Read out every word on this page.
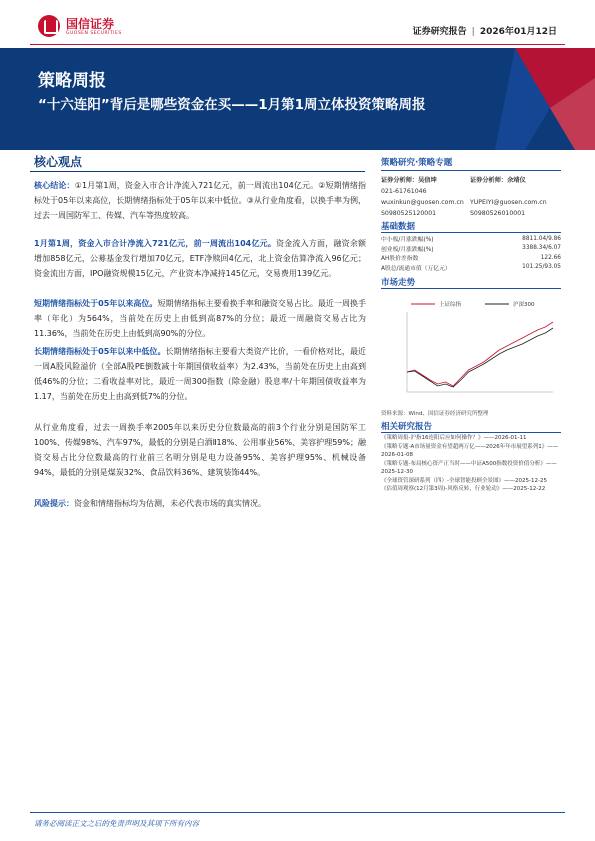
国信证券
GUOSEN SECURITIES	证券研究报告 | 2026年01月12日
策略周报
“十六连阳”背后是哪些资金在买——1月第1周立体投资策略周报
核心观点
核心结论：①1月第1周，资金入市合计净流入721亿元，前一周流出104亿元。②短期情绪指标处于05年以来高位，长期情绪指标处于05年以来中低位。③从行业角度看，以换手率为例，过去一周国防军工、传媒、汽车等热度较高。
1月第1周，资金入市合计净流入721亿元，前一周流出104亿元。资金流入方面，融资余额增加858亿元，公募基金发行增加70亿元，ETF净赎回4亿元，北上资金估算净流入96亿元；资金流出方面，IPO融资规模15亿元，产业资本净减持145亿元，交易费用139亿元。
短期情绪指标处于05年以来高位。短期情绪指标主要看换手率和融资交易占比。最近一周换手率（年化）为564%，当前处在历史上由低到高87%的分位；最近一周融资交易占比为11.36%，当前处在历史上由低到高90%的分位。
长期情绪指标处于05年以来中低位。长期情绪指标主要看大类资产比价，一看价格对比，最近一周A股风险溢价（全部A股PE倒数减十年期国债收益率）为2.43%，当前处在历史上由高到低46%的分位；二看收益率对比，最近一周300指数（除金融）股息率/十年期国债收益率为1.17，当前处在历史上由高到低7%的分位。
从行业角度看，过去一周换手率2005年以来历史分位数最高的前3个行业分别是国防军工100%、传媒98%、汽车97%，最低的分别是白酒Ⅱ18%、公用事业56%、美容护理59%；融资交易占比分位数最高的行业前三名明分别是电力设备95%、美容护理95%、机械设备94%，最低的分别是煤炭32%、食品饮料36%、建筑装饰44%。
风险提示：资金和情绪指标均为估测，未必代表市场的真实情况。
策略研究·策略专题
证券分析师：吴信坤
021-61761046
wuxinkun@guosen.com.cn
S0980525120001
证券分析师：余靖仪

YUPEIYI@guosen.com.cn
S0980526010001
基础数据
中小板/月涨跌幅(%)	8811.04/9.86
创业板/月涨跌幅(%)	3388.34/6.07
AH股价差指数	122.66
A股总/流通市值（万亿元）	101.25/93.05
市场走势
上证综指	沪深300
资料来源：Wind、国信证券经济研究所整理
相关研究报告
《策略周报-沪指16连阳后应如何操作？》——2026-01-11
《策略专题-A市场量资金有望超两万亿——2026年年市展望系列1》——2026-01-08
《策略专题-布局核心资产正当时——中证A500指数投资价值分析》——2025-12-30
《全球资管深研系列（四）-全球智能投顾全景图》——2025-12-25
《估值周观察(12月第3周)-风格反转，行业轮动》——2025-12-22
请务必阅读正文之后的免责声明及其项下所有内容
